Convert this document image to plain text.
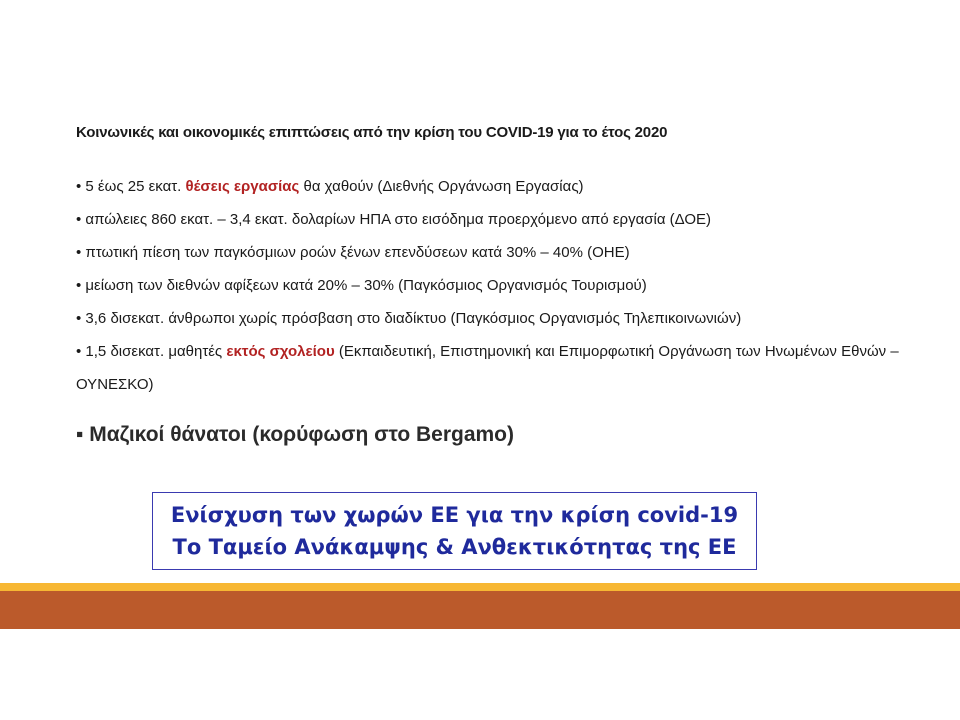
Κοινωνικές και οικονομικές επιπτώσεις από την κρίση του COVID-19 για το έτος 2020
• 5 έως 25 εκατ. θέσεις εργασίας θα χαθούν (Διεθνής Οργάνωση Εργασίας)
• απώλειες 860 εκατ. – 3,4 εκατ. δολαρίων ΗΠΑ στο εισόδημα προερχόμενο από εργασία (ΔΟΕ)
• πτωτική πίεση των παγκόσμιων ροών ξένων επενδύσεων κατά 30% – 40% (ΟΗΕ)
• μείωση των διεθνών αφίξεων κατά 20% – 30% (Παγκόσμιος Οργανισμός Τουρισμού)
• 3,6 δισεκατ. άνθρωποι χωρίς πρόσβαση στο διαδίκτυο (Παγκόσμιος Οργανισμός Τηλεπικοινωνιών)
• 1,5 δισεκατ. μαθητές εκτός σχολείου (Εκπαιδευτική, Επιστημονική και Επιμορφωτική Οργάνωση των Ηνωμένων Εθνών – ΟΥΝΕΣΚΟ)
▪ Μαζικοί θάνατοι (κορύφωση στο Bergamo)
Ενίσχυση των χωρών ΕΕ για την κρίση covid-19
Το Ταμείο Ανάκαμψης & Ανθεκτικότητας της ΕΕ
